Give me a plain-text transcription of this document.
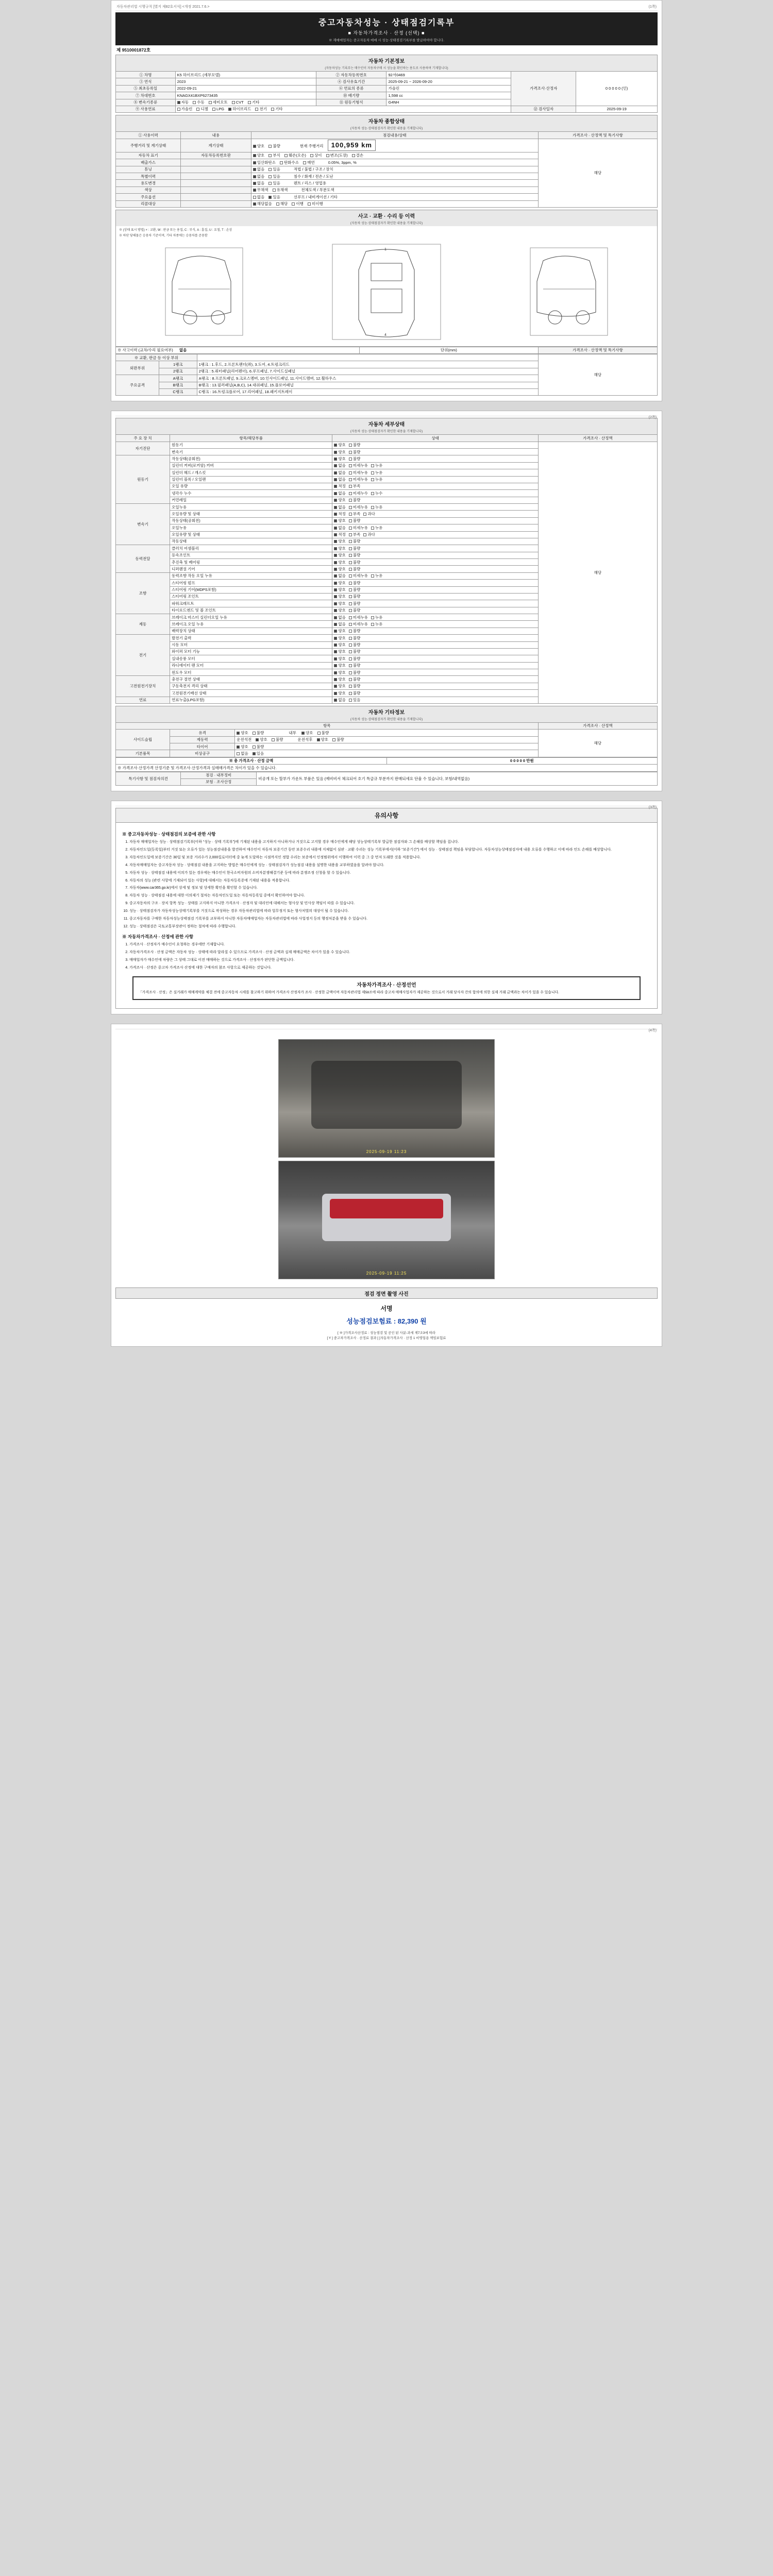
자동차관리법 시행규칙 [별지 제82호서식] <개정 2021.7.6.>	(1쪽)
중고자동차성능 · 상태점검기록부
■ 자동차가격조사 · 산정 (선택) ■
※ 재매매업자는 중고자동차 매매 시 성능·상태점검기록부를 발급하여야 합니다.
제 9510001872호
자동차 기본정보
(자동차성능 기록부는 매수인이 자동차구매 시 성능을 확인하는 용도로 사용하며 기재합니다)
① 차명	K5 하이브리드 (세부모델)	② 자동차등록번호	92서0469	가격조사·산정자	0 0 0 0 0 (인)
③ 연식	2023	④ 검사유효기간	2025-09-21 ~ 2026-09-20		
⑤ 최초등록일	2022-09-21	⑥ 연료의 종류	가솔린		
⑦ 차대번호	KNAGX41BXP6273435	⑩ 배기량	1,598 cc		
⑧ 변속기종류	자동 수동 세미오토 CVT 기타	⑪ 원동기형식	G4NH		
⑨ 사용연료	가솔린 디젤 LPG 하이브리드 전기 기타			⑫ 검사일자	2025-09-19
자동차 종합상태
(자동차 성능·상태점검자가 확인한 내용을 기재합니다)
① 사용이력	내용	점검내용/상태	가격조사 · 산정액 및 특기사항
주행거리 및 계기상태	계기상태	양호 불량 현재 주행거리 100,959 km	해당
자동차 표기	자동차등록번호판	양호 부식 훼손(오손) 상이 변조(도장) 결손	
배출가스		일산화탄소 탄화수소 매연 0.05%, 3ppm, %	
튜닝		없음 있음 적법 / 불법 / 구조 / 장치	
특별이력		없음 있음 침수 / 화재 / 전손 / 도난	
용도변경		없음 있음 렌트 / 리스 / 영업용	
색상		무채색 유채색 전체도색 / 부분도색	
주요옵션		없음 있음 선루프 / 내비게이션 / 기타	
리콜대상		해당없음 해당 이행 미이행	
사고 · 교환 · 수리 등 이력
(자동차 성능·상태점검자가 확인한 내용을 기재합니다)
※ (상태 표시 방법) × : 교환, W : 판금 또는 용접, C : 부식, A : 흠집, U : 요철, T : 손상
※ 하단 당해물은 승용차 기준이며, 기타 차종에는 승용차를 준용함
1
4
※ 사고이력 (교차/수리 필요여부) 없음	단위(mm)	가격조사 · 산정액 및 특기사항
※ 교환, 판금 등 이상 부위			해당
외판부위	1랭크	1랭크 : 1.후드, 2.프론트펜더(좌), 3.도어, 4.트렁크리드	
	2랭크	2랭크 : 5.쿼터패널(리어펜더), 6.루프패널, 7.사이드실패널	
주요골격	A랭크	A랭크 : 8.프론트패널, 9.크로스멤버, 10.인사이드패널, 11.사이드멤버, 12.휠하우스	
	B랭크	B랭크 : 13.필러패널(A,B,C), 14.대쉬패널, 15.플로어패널	
	C랭크	C랭크 : 16.트렁크플로어, 17.리어패널, 18.패키지트레이	
(2쪽)
자동차 세부상태
(자동차 성능·상태점검자가 확인한 내용을 기재합니다)
주 요 장 치	항목/해당부품	상태	가격조사 · 산정액
자기진단	원동기	양호 불량	해당
	변속기	양호 불량	
원동기	작동상태(공회전)	양호 불량	
	실린더 커버(로커암) 커버	없음 미세누유 누유	
	실린더 헤드 / 개스킷	없음 미세누유 누유	
	실린더 블록 / 오일팬	없음 미세누유 누유	
	오일 유량	적정 부족	
	냉각수 누수	없음 미세누수 누수	
	커먼레일	양호 불량	
변속기	오일누유	없음 미세누유 누유	
	오일유량 및 상태	적정 부족 과다	
	작동상태(공회전)	양호 불량	
	오일누유	없음 미세누유 누유	
	오일유량 및 상태	적정 부족 과다	
	작동상태	양호 불량	
동력전달	클러치 어셈블리	양호 불량	
	등속조인트	양호 불량	
	추진축 및 베어링	양호 불량	
	디퍼렌셜 기어	양호 불량	
조향	동력조향 작동 오일 누유	없음 미세누유 누유	
	스티어링 펌프	양호 불량	
	스티어링 기어(MDPS포함)	양호 불량	
	스티어링 조인트	양호 불량	
	파워크래프트	양호 불량	
	타이로드엔드 및 볼 조인트	양호 불량	
제동	브레이크 마스터 실린더오일 누유	없음 미세누유 누유	
	브레이크 오일 누유	없음 미세누유 누유	
	배력장치 상태	양호 불량	
전기	발전기 출력	양호 불량	
	시동 모터	양호 불량	
	와이퍼 모터 기능	양호 불량	
	실내송풍 모터	양호 불량	
	라디에이터 팬 모터	양호 불량	
	윈도우 모터	양호 불량	
고전원전기장치	충전구 절연 상태	양호 불량	
	구동축전지 격리 상태	양호 불량	
	고전원전기배선 상태	양호 불량	
연료	연료누출(LPG포함)	없음 있음	
자동차 기타정보
(자동차 성능·상태점검자가 확인한 내용을 기재합니다)
항목			가격조사 · 산정액
사이드슬립	유격	양호 불량 내부 양호 불량	해당
	제동력	운전석전 양호 불량 운전석후 양호 불량	
	타이어	양호 불량	
기본품목	비상공구	없음 있음	
※ 총 가격조사 · 산정 금액	0 0 0 0 0 만원
※ 가격조사·산정가격 산정기준 및 가격조사·산정가격과 실매매가격은 차이가 있을 수 있습니다.
특기사항 및 점검자의견	점검 · 내부정비	비공개 또는 할부가 가운트 부품은 있음 (예비비서 체크되어 호기 특급규 부분까지 판매되세요 단율 수 있습니다, 보험/내역없음)
보험 · 조사산정
(3쪽)
유의사항
※ 중고자동차성능 · 상태점검의 보증에 관한 사항
1. 자동차 매매업자는 성능 · 상태점검기록부(이하 “성능 · 상태 기록부”)에 기재된 내용을 고지하지 아니하거나 거짓으로 고지할 경우 매수인에게 해당 성능상태기록부 발급한 점검자와 그 손해를 배상할 책임을 집니다.
2. 자동차인도일(등록일)부터 거짓 또는 오류가 있는 성능점검내용을 발견하여 매수인이 자동차 보증기간 동안 보증수리 내용에 지체없이 심판 · 교환 수리는 성능 기록부에서(이하 “보증기간”) 에서 성능 · 상태점검 책임을 부담합니다. 자동차성능상태점검자에 내용 오류를 수행하고 이에 따라 인도 손해를 배상합니다.
3. 자동차인도일에 보증기간은 30일 및 보증 거리수가 2,000킬로미터에 중 늦게 도달하는 시점까지인 정합 수리는 보증에서 인정범위에서 이행하여 이력 중 그 중 먼저 도래한 것을 적용합니다.
4. 자동차매매업자는 중고자동차 성능 · 상태점검 내용을 고지하는 방법은 매수인에게 성능 · 상태점검자가 성능점검 내용을 설명한 내용을 교부하였음을 알려야 합니다.
5. 자동차 성능 · 상태점검 내용에 이의가 있는 경우에는 매수인이 한국소비자원의 소비자분쟁해결기준 등에 따라 분쟁조정 신청을 할 수 있습니다.
6. 자동차의 성능 (관련 사항에 기재되어 있는 사항)에 대해서는 자동차등록증에 기재된 내용을 적용합니다.
7. 자동차(www.car365.go.kr)에서 상세 및 정보 및 상세한 확인을 확인할 수 있습니다.
8. 자동차 성능 · 상태점검 내용에 대한 이의제기 절차는 자동차인도일 또는 자동차등록일 중에서 확인하여야 합니다.
9. 중고자동차의 구조 · 장치 항목 성능 · 상태를 고지하지 아니한 가격조사 · 산정자 및 대리인에 대해서는 형사상 및 민사상 책임이 따를 수 있습니다.
10. 성능 · 상태점검자가 자동차성능상태기록부를 거짓으로 작성하는 경우 자동차관리법에 따라 업무정지 또는 형사처벌의 대상이 될 수 있습니다.
11. 중고자동차를 구매한 자동차성능상태점검 기록부를 교부하지 아니한 자동차매매업자는 자동차관리법에 따라 사업정지 등의 행정처분을 받을 수 있습니다.
12. 성능 · 상태점검은 국토교통부장관이 정하는 절차에 따라 수행합니다.
※ 자동차가격조사 · 산정에 관한 사항
1. 가격조사 · 산정자가 매수인이 요청하는 경우에만 기재합니다.
2. 자동차가격조사 · 산정 금액은 자동차 성능 · 상태에 따라 달라질 수 있으므로 가격조사 · 산정 금액과 실제 매매금액은 차이가 있을 수 있습니다.
3. 매매업자가 매수인에 차량은 그 상태 그대로 이전 매매하는 것으로 가격조사 · 산정자가 판단한 금액입니다.
4. 가격조사 · 산정은 중고차 가격조사 산정에 대한 구매자의 참조 사항으로 제공하는 것입니다.
자동차가격조사 · 산정선언

「가격조사 · 산정」은 실거래가 매매계약을 체결 전에 중고자동차 시세를 참고하기 위하여 가격조사 산정자가 조사 · 산정한 금액이며 자동차관리법 제58조에 따라 중고차 매매사업자가 제공하는 것으로서 거래 당사자 간의 합의에 의한 실제 거래 금액과는 차이가 있을 수 있습니다.

(4쪽)
2025-09-19 11:23
2025-09-19 11:25
점검 정면 촬영 사진
서명
성능점검보험료 : 82,390 원
[ ※ ]가격조사산정료 : 성능점검 및 공인 된 사분-과세 제7조3에 따라
[ Y ] 중고차가격조사 · 산정료 결과 [ ]자동차가격조사 · 산정 1 비영업용 책임보험료
